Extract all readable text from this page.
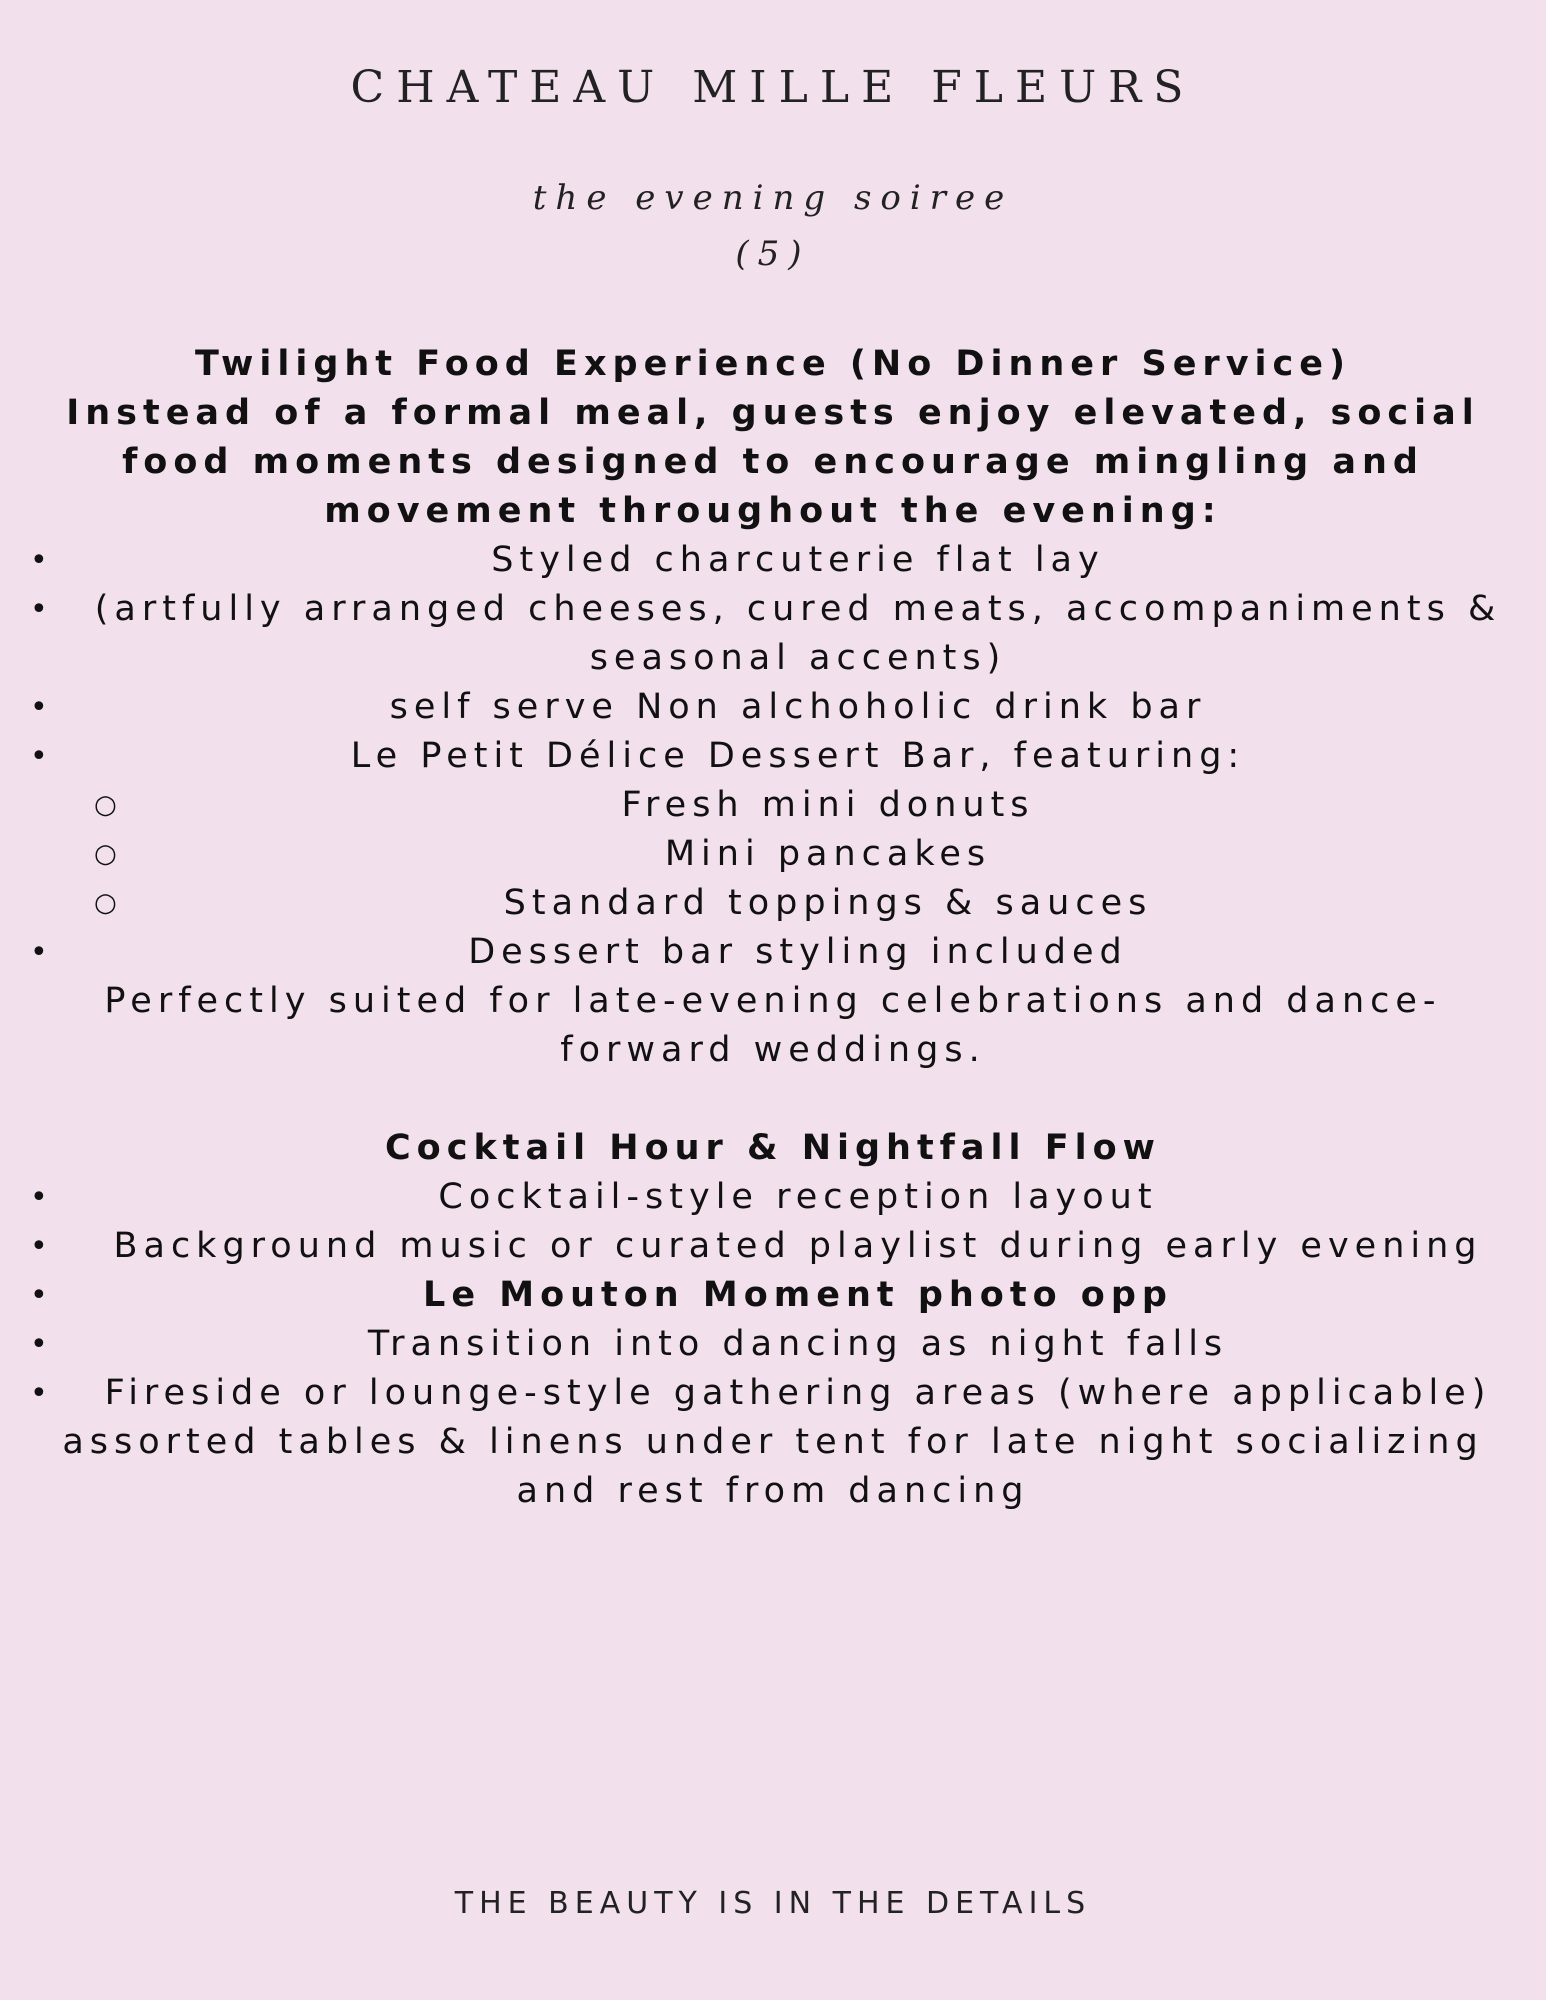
CHATEAU MILLE FLEURS
the evening soiree
(5)
Twilight Food Experience (No Dinner Service)
Instead of a formal meal, guests enjoy elevated, social food moments designed to encourage mingling and movement throughout the evening:
•	Styled charcuterie flat lay
•	(artfully arranged cheeses, cured meats, accompaniments & seasonal accents)
•	self serve Non alchoholic drink bar
•	Le Petit Délice Dessert Bar, featuring:
○	Fresh mini donuts
○	Mini pancakes
○	Standard toppings & sauces
•	Dessert bar styling included
Perfectly suited for late-evening celebrations and dance-forward weddings.
Cocktail Hour & Nightfall Flow
•	Cocktail-style reception layout
•	Background music or curated playlist during early evening
•	Le Mouton Moment photo opp
•	Transition into dancing as night falls
•	Fireside or lounge-style gathering areas (where applicable)
assorted tables & linens under tent for late night socializing and rest from dancing
THE BEAUTY IS IN THE DETAILS
